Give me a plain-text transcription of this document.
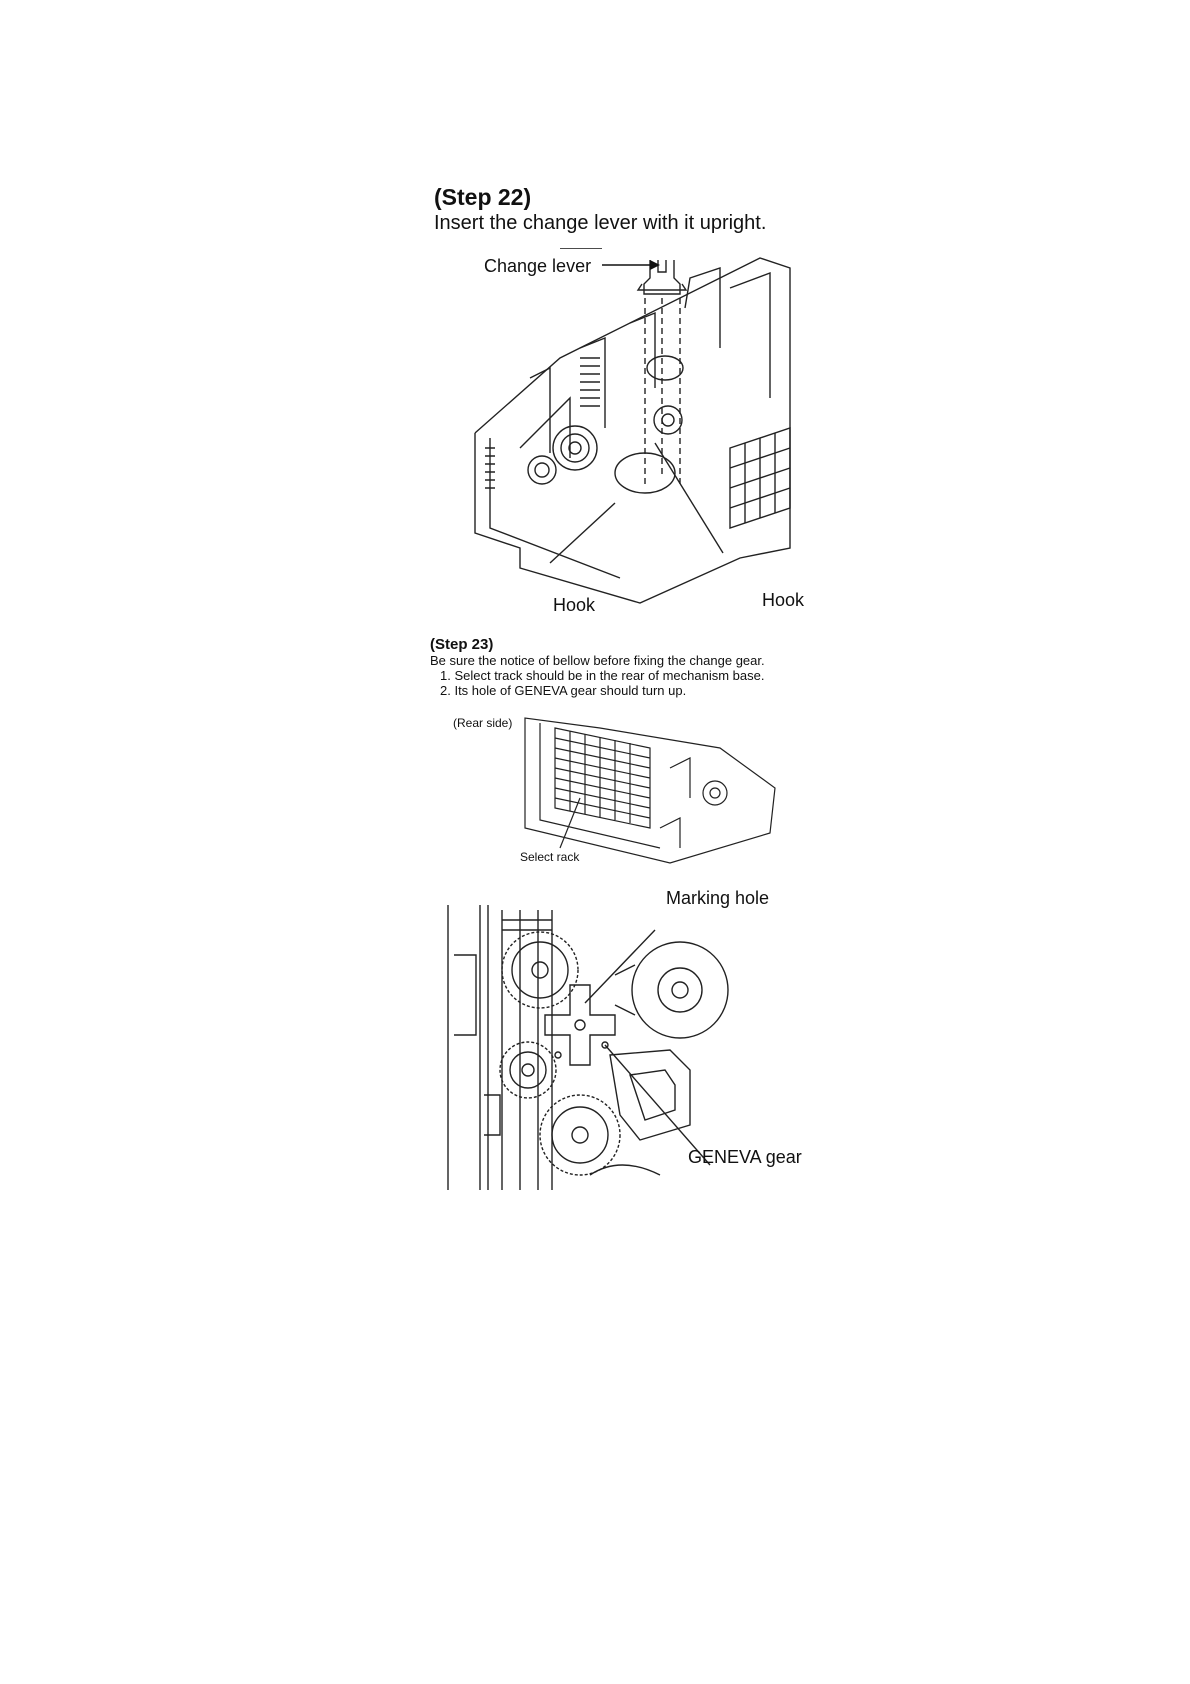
(Step 22)
Insert the change lever with it upright.
Change lever
Hook	Hook
(Step 23)
Be sure the notice of bellow before fixing the change gear.
1. Select track should be in the rear of mechanism base.
2. Its hole of GENEVA gear should turn up.
(Rear side)
Select rack
Marking hole
GENEVA gear
